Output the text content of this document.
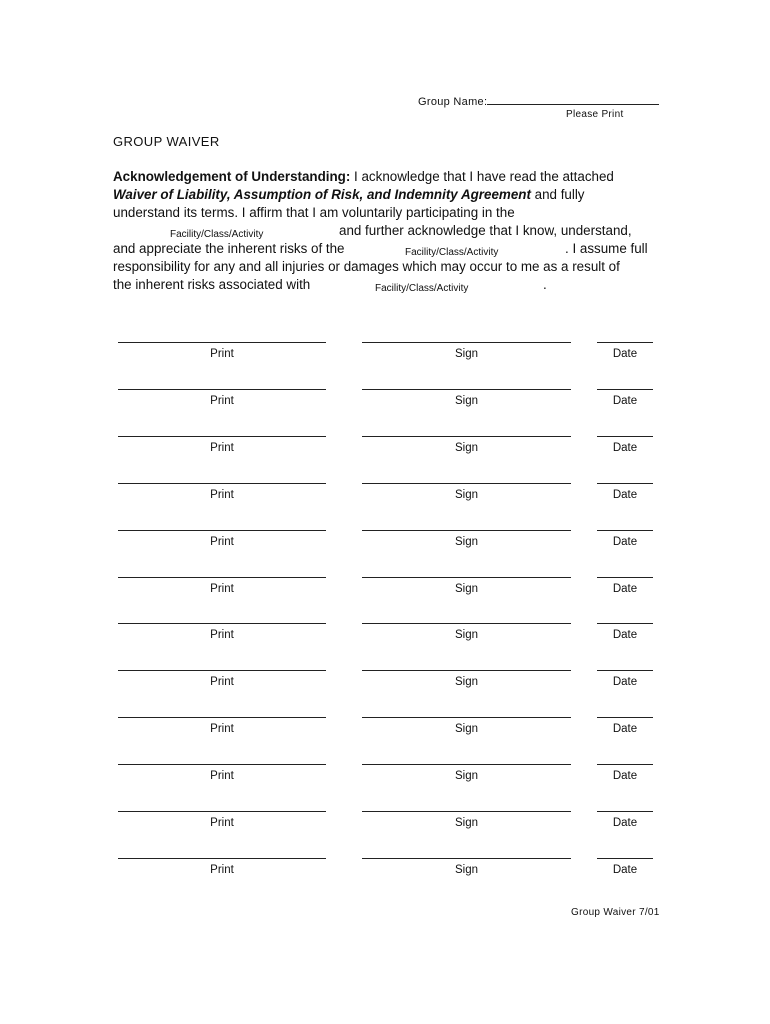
Group Name:
Please Print
GROUP WAIVER
Acknowledgement of Understanding: I acknowledge that I have read the attached
Waiver of Liability, Assumption of Risk, and Indemnity Agreement and fully
understand its terms. I affirm that I am voluntarily participating in the
Facility/Class/Activity	and further acknowledge that I know, understand,
and appreciate the inherent risks of the	Facility/Class/Activity	. I assume full
responsibility for any and all injuries or damages which may occur to me as a result of
the inherent risks associated with	Facility/Class/Activity	.
Print	Sign	Date
Print	Sign	Date
Print	Sign	Date
Print	Sign	Date
Print	Sign	Date
Print	Sign	Date
Print	Sign	Date
Print	Sign	Date
Print	Sign	Date
Print	Sign	Date
Print	Sign	Date
Print	Sign	Date
Group Waiver 7/01
